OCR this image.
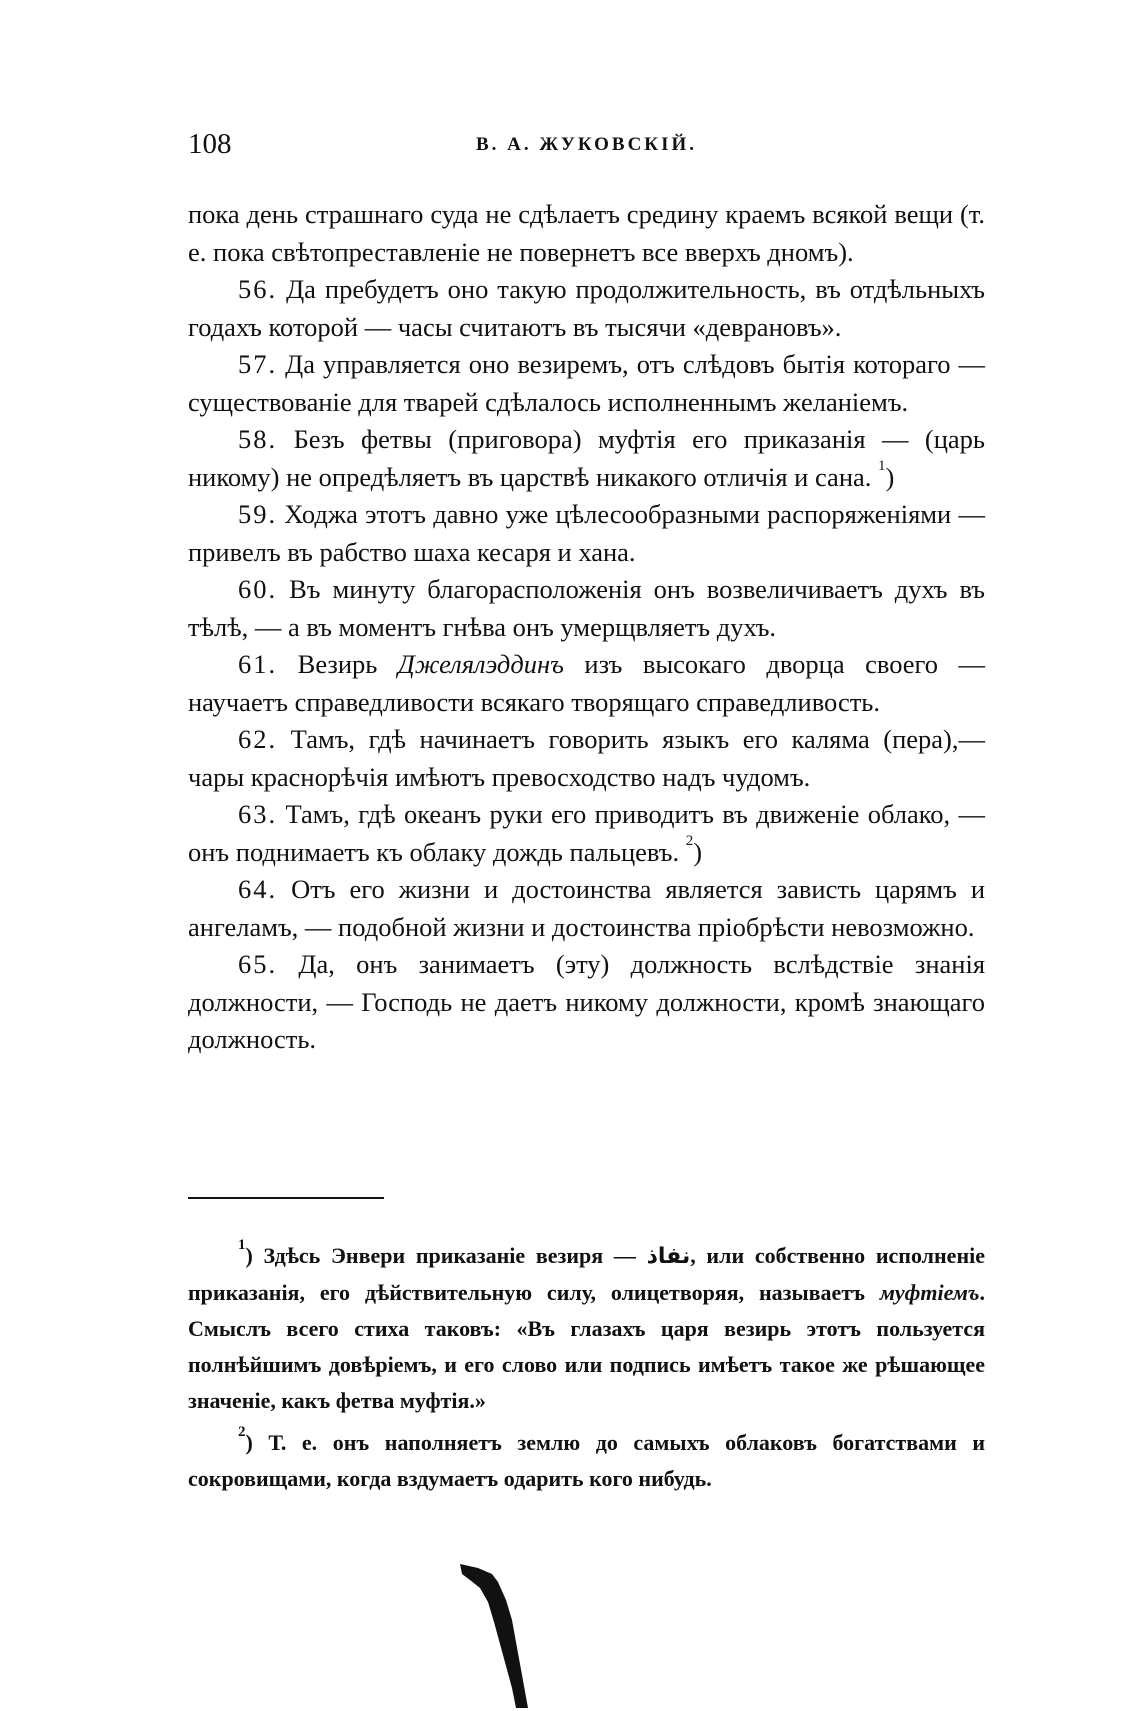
108	В. А. ЖУКОВСКІЙ.

пока день страшнаго суда не сдѣлаетъ средину краемъ всякой вещи (т. е. пока свѣтопреставленіе не повернетъ все вверхъ дномъ).

56. Да пребудетъ оно такую продолжительность, въ отдѣльныхъ годахъ которой — часы считаютъ въ тысячи «деврановъ».

57. Да управляется оно везиремъ, отъ слѣдовъ бытія котораго — существованіе для тварей сдѣлалось исполненнымъ желаніемъ.

58. Безъ фетвы (приговора) муфтія его приказанія — (царь никому) не опредѣляетъ въ царствѣ никакого отличія и сана. $^1$)

59. Ходжа этотъ давно уже цѣлесообразными распоряженіями — привелъ въ рабство шаха кесаря и хана.

60. Въ минуту благорасположенія онъ возвеличиваетъ духъ въ тѣлѣ, — а въ моментъ гнѣва онъ умерщвляетъ духъ.

61. Везирь Джелялэддинъ изъ высокаго дворца своего — научаетъ справедливости всякаго творящаго справедливость.

62. Тамъ, гдѣ начинаетъ говорить языкъ его каляма (пера),— чары краснорѣчія имѣютъ превосходство надъ чудомъ.

63. Тамъ, гдѣ океанъ руки его приводитъ въ движеніе облако, — онъ поднимаетъ къ облаку дождь пальцевъ. $^2$)

64. Отъ его жизни и достоинства является зависть царямъ и ангеламъ, — подобной жизни и достоинства пріобрѣсти невозможно.

65. Да, онъ занимаетъ (эту) должность вслѣдствіе знанія должности, — Господь не даетъ никому должности, кромѣ знающаго должность.

$^1$) Здѣсь Энвери приказаніе везиря — نفاذ, или собственно исполненіе приказанія, его дѣйствительную силу, олицетворяя, называетъ муфтіемъ. Смыслъ всего стиха таковъ: «Въ глазахъ царя везирь этотъ пользуется полнѣйшимъ довѣріемъ, и его слово или подпись имѣетъ такое же рѣшающее значеніе, какъ фетва муфтія.»

$^2$) Т. е. онъ наполняетъ землю до самыхъ облаковъ богатствами и сокровищами, когда вздумаетъ одарить кого нибудь.
